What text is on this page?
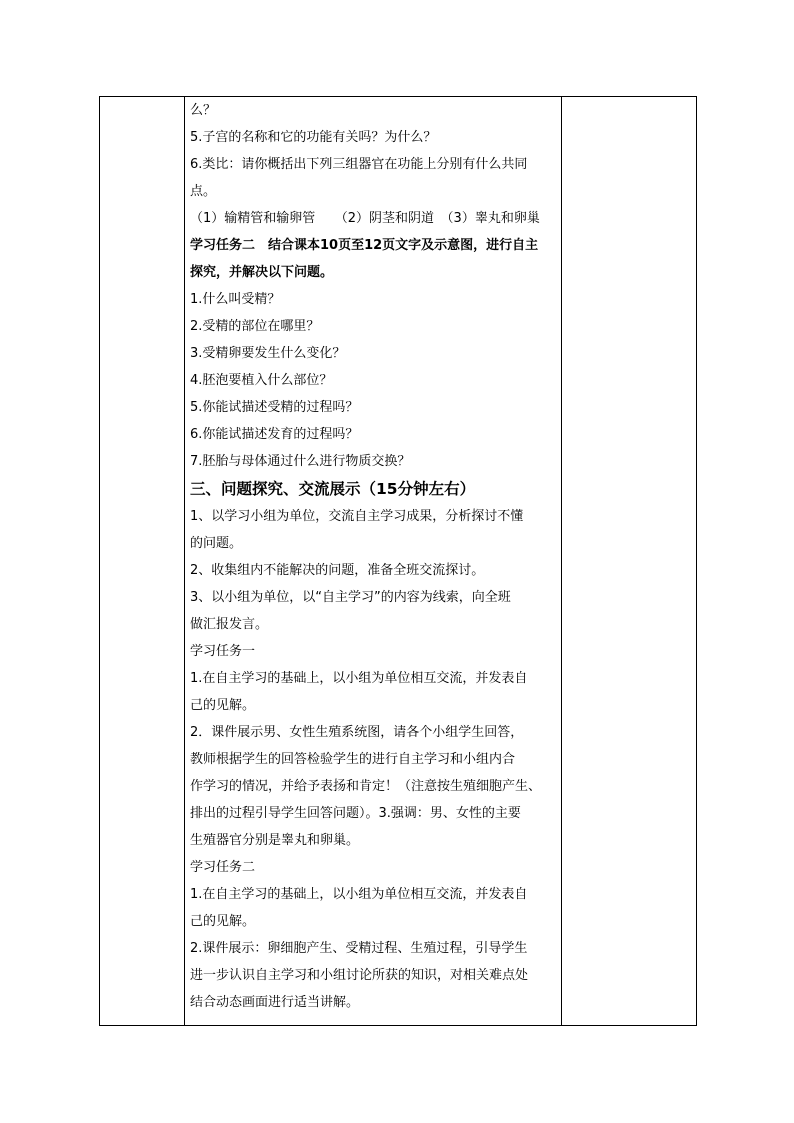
么？
5.子宫的名称和它的功能有关吗？为什么？
6.类比：请你概括出下列三组器官在功能上分别有什么共同
点。
（1）输精管和输卵管　　（2）阴茎和阴道　（3）睾丸和卵巢
学习任务二　结合课本10页至12页文字及示意图，进行自主
探究，并解决以下问题。
1.什么叫受精？
2.受精的部位在哪里？
3.受精卵要发生什么变化？
4.胚泡要植入什么部位？
5.你能试描述受精的过程吗？
6.你能试描述发育的过程吗？
7.胚胎与母体通过什么进行物质交换？
三、问题探究、交流展示（15分钟左右）
1、以学习小组为单位，交流自主学习成果，分析探讨不懂
的问题。
2、收集组内不能解决的问题，准备全班交流探讨。
3、以小组为单位，以“自主学习”的内容为线索，向全班
做汇报发言。
学习任务一
1.在自主学习的基础上，以小组为单位相互交流，并发表自
己的见解。
2．课件展示男、女性生殖系统图，请各个小组学生回答，
教师根据学生的回答检验学生的进行自主学习和小组内合
作学习的情况，并给予表扬和肯定！（注意按生殖细胞产生、
排出的过程引导学生回答问题）。3.强调：男、女性的主要
生殖器官分别是睾丸和卵巢。
学习任务二
1.在自主学习的基础上，以小组为单位相互交流，并发表自
己的见解。
2.课件展示：卵细胞产生、受精过程、生殖过程，引导学生
进一步认识自主学习和小组讨论所获的知识，对相关难点处
结合动态画面进行适当讲解。
